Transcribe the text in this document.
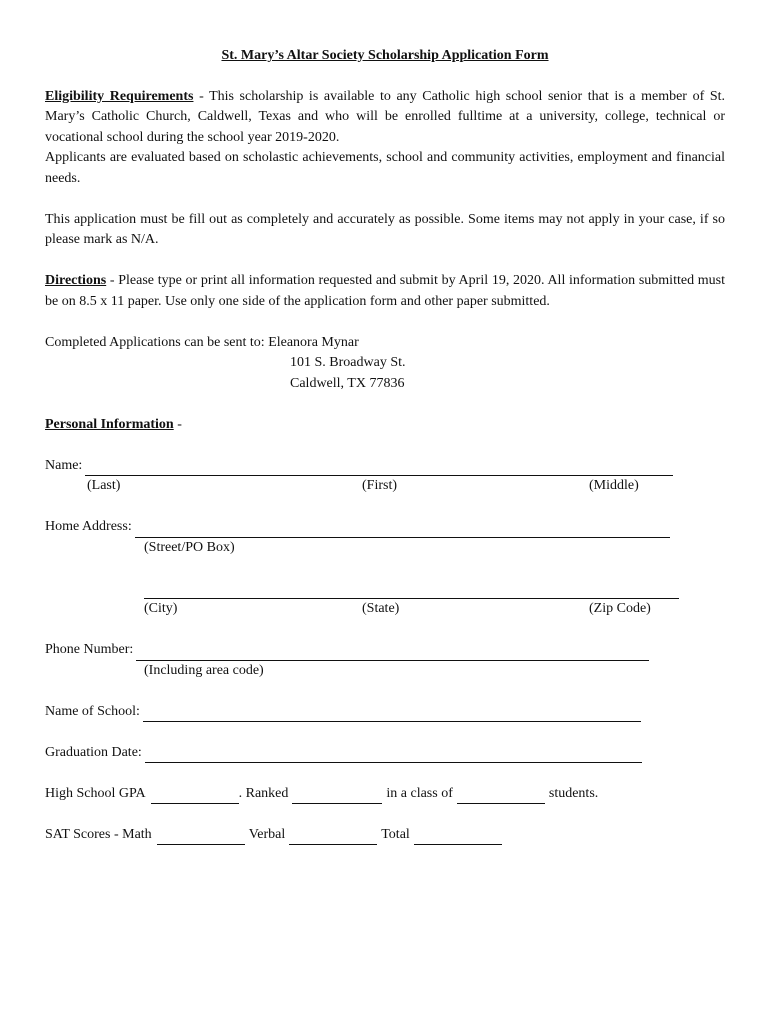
St. Mary’s Altar Society Scholarship Application Form

Eligibility Requirements - This scholarship is available to any Catholic high school senior that is a member of St. Mary’s Catholic Church, Caldwell, Texas and who will be enrolled fulltime at a university, college, technical or vocational school during the school year 2019-2020.

Applicants are evaluated based on scholastic achievements, school and community activities, employment and financial needs.

This application must be fill out as completely and accurately as possible. Some items may not apply in your case, if so please mark as N/A.

Directions - Please type or print all information requested and submit by April 19, 2020. All information submitted must be on 8.5 x 11 paper. Use only one side of the application form and other paper submitted.

Completed Applications can be sent to: Eleanora Mynar
101 S. Broadway St.
Caldwell, TX 77836
Personal Information -
Name:
(Last)	(First)	(Middle)
Home Address:
(Street/PO Box)
(City)	(State)	(Zip Code)
Phone Number:
(Including area code)
Name of School:
Graduation Date:
High School GPA	. Ranked	in a class of	students.
SAT Scores - Math	Verbal	Total
